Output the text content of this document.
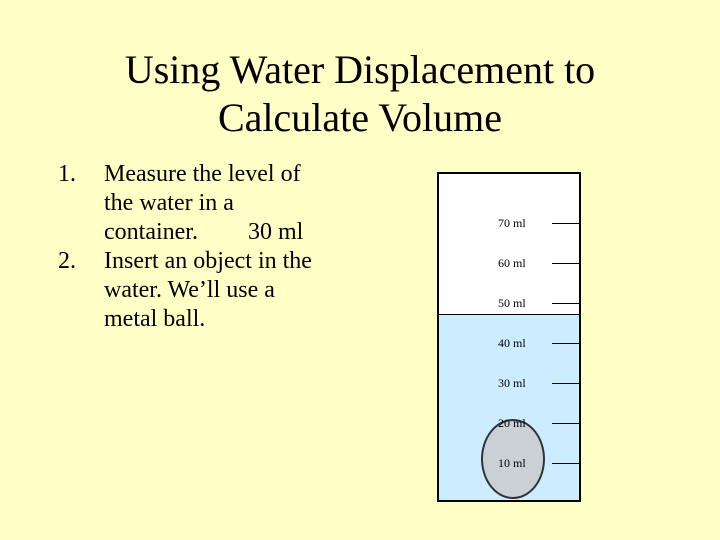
Using Water Displacement to
Calculate Volume
1. Measure the level of
the water in a
container. 30 ml
2. Insert an object in the
water. We’ll use a
metal ball.
70 ml
60 ml
50 ml
40 ml
30 ml
20 ml
10 ml
